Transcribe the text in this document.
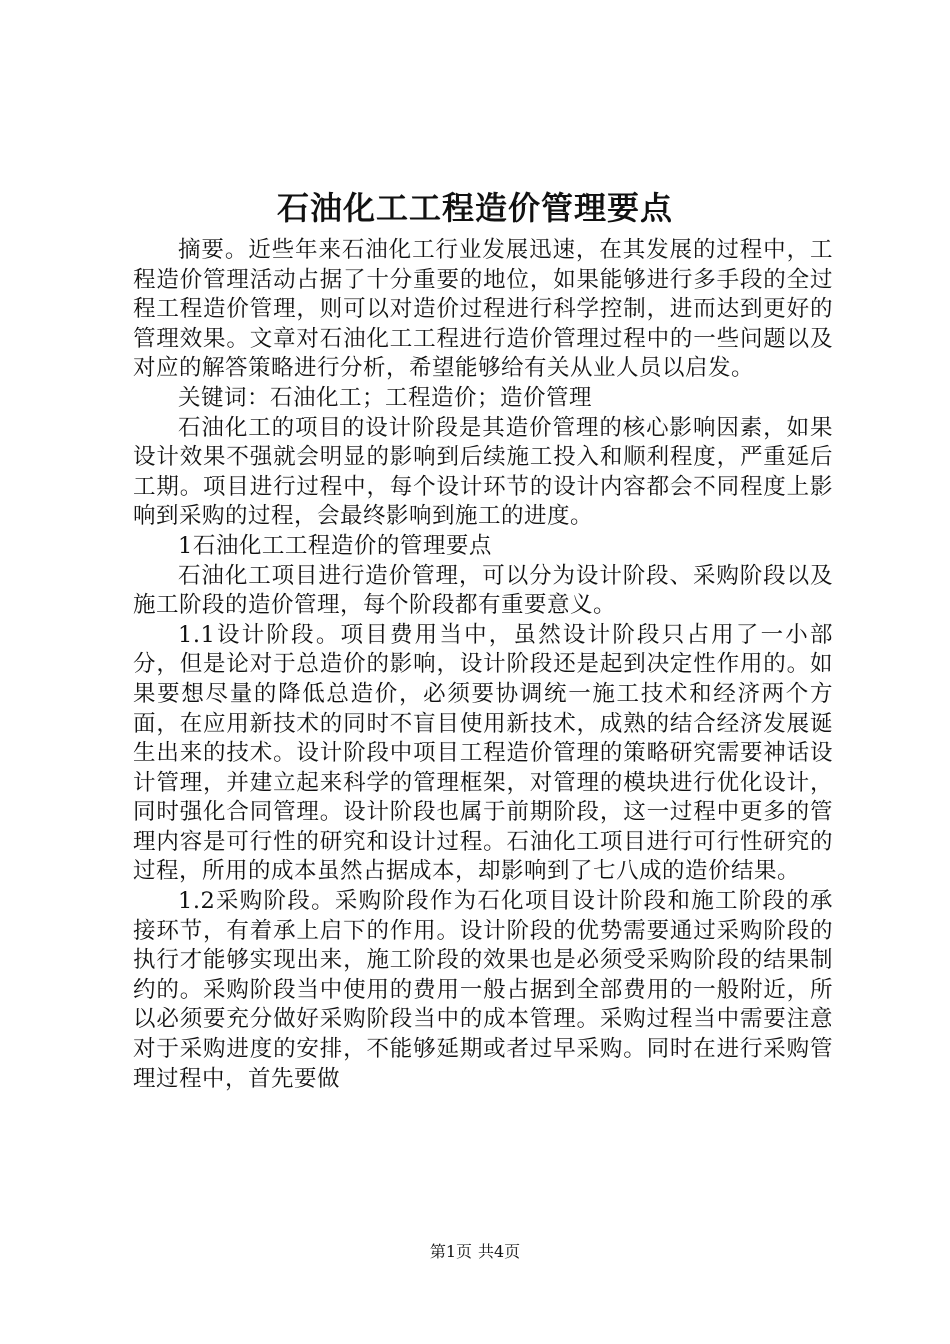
石油化工工程造价管理要点

摘要。近些年来石油化工行业发展迅速，在其发展的过程中，工程造价管理活动占据了十分重要的地位，如果能够进行多手段的全过程工程造价管理，则可以对造价过程进行科学控制，进而达到更好的管理效果。文章对石油化工工程进行造价管理过程中的一些问题以及对应的解答策略进行分析，希望能够给有关从业人员以启发。

关键词：石油化工；工程造价；造价管理

石油化工的项目的设计阶段是其造价管理的核心影响因素，如果设计效果不强就会明显的影响到后续施工投入和顺利程度，严重延后工期。项目进行过程中，每个设计环节的设计内容都会不同程度上影响到采购的过程，会最终影响到施工的进度。

1石油化工工程造价的管理要点

石油化工项目进行造价管理，可以分为设计阶段、采购阶段以及施工阶段的造价管理，每个阶段都有重要意义。

1.1设计阶段。项目费用当中，虽然设计阶段只占用了一小部分，但是论对于总造价的影响，设计阶段还是起到决定性作用的。如果要想尽量的降低总造价，必须要协调统一施工技术和经济两个方面，在应用新技术的同时不盲目使用新技术，成熟的结合经济发展诞生出来的技术。设计阶段中项目工程造价管理的策略研究需要神话设计管理，并建立起来科学的管理框架，对管理的模块进行优化设计，同时强化合同管理。设计阶段也属于前期阶段，这一过程中更多的管理内容是可行性的研究和设计过程。石油化工项目进行可行性研究的过程，所用的成本虽然占据成本，却影响到了七八成的造价结果。

1.2采购阶段。采购阶段作为石化项目设计阶段和施工阶段的承接环节，有着承上启下的作用。设计阶段的优势需要通过采购阶段的执行才能够实现出来，施工阶段的效果也是必须受采购阶段的结果制约的。采购阶段当中使用的费用一般占据到全部费用的一般附近，所以必须要充分做好采购阶段当中的成本管理。采购过程当中需要注意对于采购进度的安排，不能够延期或者过早采购。同时在进行采购管理过程中，首先要做

第1页 共4页
